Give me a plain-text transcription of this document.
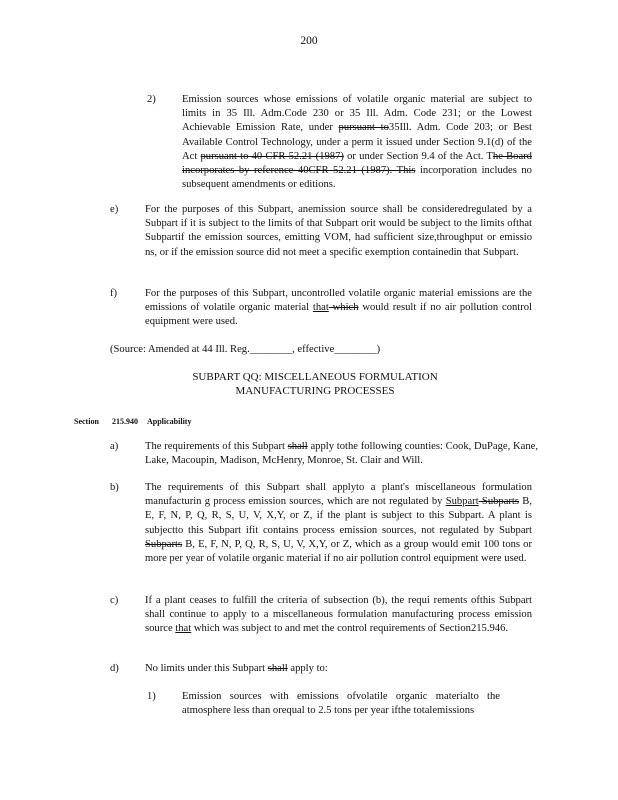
200
2) Emission sources whose emissions of volatile organic material are subject to limits in 35 Ill. Adm.Code 230 or 35 Ill. Adm. Code 231; or the Lowest Achievable Emission Rate, under pursuant to35Ill. Adm. Code 203; or Best Available Control Technology, under a perm it issued under Section 9.1(d) of the Act pursuant to 40 CFR 52.21 (1987) or under Section 9.4 of the Act. The Board incorporates by reference 40CFR 52.21 (1987). This incorporation includes no subsequent amendments or editions.
e)	For the purposes of this Subpart, anemission source shall be consideredregulated by a Subpart if it is subject to the limits of that Subpart orit would be subject to the limits ofthat Subpartif the emission sources, emitting VOM, had sufficient size,throughput or emissio ns, or if the emission source did not meet a specific exemption containedin that Subpart.
f)	For the purposes of this Subpart, uncontrolled volatile organic material emissions are the emissions of volatile organic material that which would result if no air pollution control equipment were used.
(Source: Amended at 44 Ill. Reg.________, effective________)
SUBPART QQ: MISCELLANEOUS FORMULATION
MANUFACTURING PROCESSES
Section 215.940 Applicability
a)	The requirements of this Subpart shall apply tothe following counties: Cook, DuPage, Kane, Lake, Macoupin, Madison, McHenry, Monroe, St. Clair and Will.
b) The requirements of this Subpart shall applyto a plant's miscellaneous formulation manufacturin g process emission sources, which are not regulated by Subpart Subparts B, E, F, N, P, Q, R, S, U, V, X,Y, or Z, if the plant is subject to this Subpart. A plant is subjectto this Subpart ifit contains process emission sources, not regulated by Subpart Subparts B, E, F, N, P, Q, R, S, U, V, X,Y, or Z, which as a group would emit 100 tons or more per year of volatile organic material if no air pollution control equipment were used.
c)	If a plant ceases to fulfill the criteria of subsection (b), the requi rements ofthis Subpart shall continue to apply to a miscellaneous formulation manufacturing process emission source that which was subject to and met the control requirements of Section215.946.
d) No limits under this Subpart shall apply to:
1) Emission sources with emissions ofvolatile organic materialto the atmosphere less than orequal to 2.5 tons per year ifthe totalemissions
